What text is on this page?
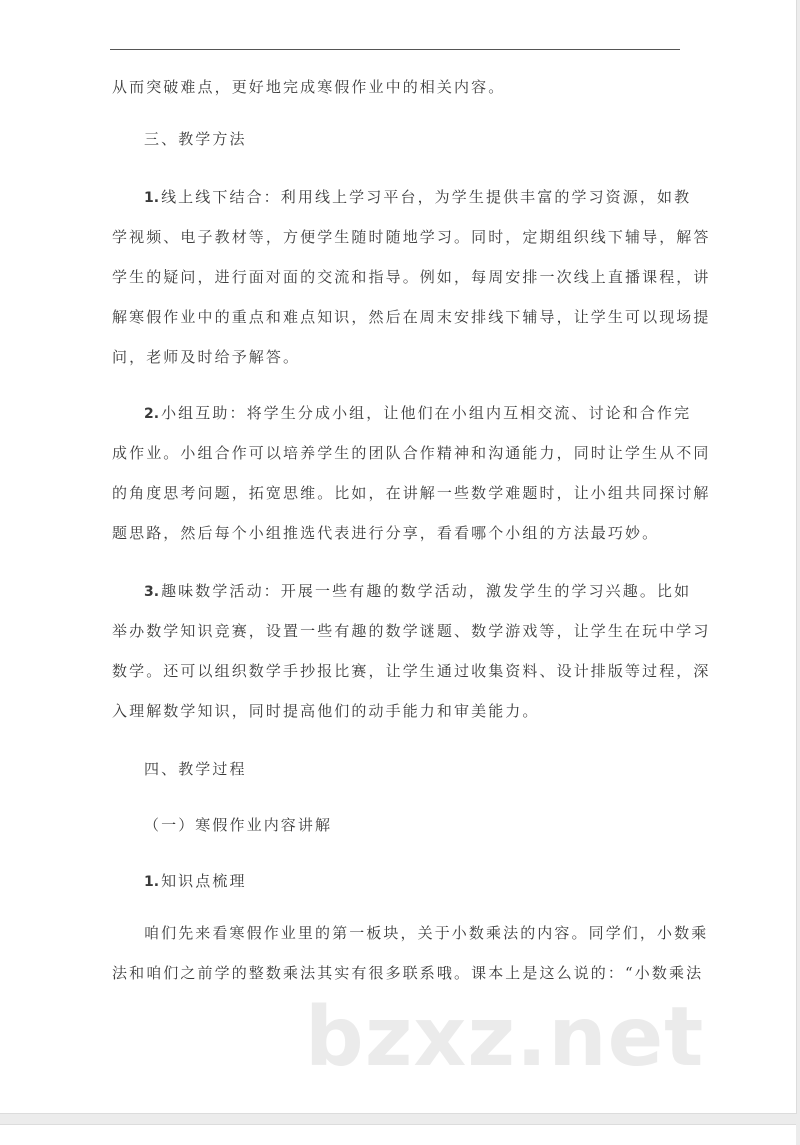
从而突破难点，更好地完成寒假作业中的相关内容。
三、教学方法
1. 线上线下结合：利用线上学习平台，为学生提供丰富的学习资源，如教
学视频、电子教材等，方便学生随时随地学习。同时，定期组织线下辅导，解答
学生的疑问，进行面对面的交流和指导。例如，每周安排一次线上直播课程，讲
解寒假作业中的重点和难点知识，然后在周末安排线下辅导，让学生可以现场提
问，老师及时给予解答。
2. 小组互助：将学生分成小组，让他们在小组内互相交流、讨论和合作完
成作业。小组合作可以培养学生的团队合作精神和沟通能力，同时让学生从不同
的角度思考问题，拓宽思维。比如，在讲解一些数学难题时，让小组共同探讨解
题思路，然后每个小组推选代表进行分享，看看哪个小组的方法最巧妙。
3. 趣味数学活动：开展一些有趣的数学活动，激发学生的学习兴趣。比如
举办数学知识竞赛，设置一些有趣的数学谜题、数学游戏等，让学生在玩中学习
数学。还可以组织数学手抄报比赛，让学生通过收集资料、设计排版等过程，深
入理解数学知识，同时提高他们的动手能力和审美能力。
四、教学过程
（一）寒假作业内容讲解
1. 知识点梳理
咱们先来看寒假作业里的第一板块，关于小数乘法的内容。同学们，小数乘
法和咱们之前学的整数乘法其实有很多联系哦。课本上是这么说的：“小数乘法
bzxz.net
